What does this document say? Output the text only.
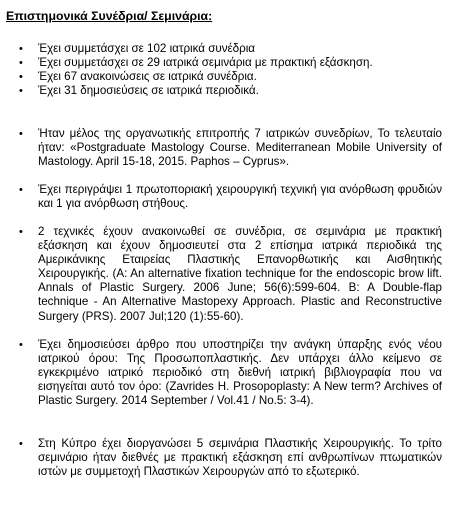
Επιστημονικά Συνέδρια/ Σεμινάρια:
• Έχει συμμετάσχει σε 102 ιατρικά συνέδρια
• Έχει συμμετάσχει σε 29 ιατρικά σεμινάρια με πρακτική εξάσκηση.
• Έχει 67 ανακοινώσεις σε ιατρικά συνέδρια.
• Έχει 31 δημοσιεύσεις σε ιατρικά περιοδικά.
• Ήταν μέλος της οργανωτικής επιτροπής 7 ιατρικών συνεδρίων, Το τελευταίο ήταν: «Postgraduate Mastology Course. Mediterranean Mobile University of Mastology. April 15-18, 2015. Paphos – Cyprus».
• Έχει περιγράψει 1 πρωτοποριακή χειρουργική τεχνική για ανόρθωση φρυδιών και 1 για ανόρθωση στήθους.
• 2 τεχνικές έχουν ανακοινωθεί σε συνέδρια, σε σεμινάρια με πρακτική εξάσκηση και έχουν δημοσιευτεί στα 2 επίσημα ιατρικά περιοδικά της Αμερικάνικης Εταιρείας Πλαστικής Επανορθωτικής και Αισθητικής Χειρουργικής. (A: An alternative fixation technique for the endoscopic brow lift. Annals of Plastic Surgery. 2006 June; 56(6):599-604. B: A Double-flap technique - An Alternative Mastopexy Approach. Plastic and Reconstructive Surgery (PRS). 2007 Jul;120 (1):55-60).
• Έχει δημοσιεύσει άρθρο που υποστηρίζει την ανάγκη ύπαρξης ενός νέου ιατρικού όρου: Της Προσωποπλαστικής. Δεν υπάρχει άλλο κείμενο σε εγκεκριμένο ιατρικό περιοδικό στη διεθνή ιατρική βιβλιογραφία που να εισηγείται αυτό τον όρο: (Zavrides H. Prosopoplasty: A New term? Archives of Plastic Surgery. 2014 September / Vol.41 / No.5: 3-4).
• Στη Κύπρο έχει διοργανώσει 5 σεμινάρια Πλαστικής Χειρουργικής. Το τρίτο σεμινάριο ήταν διεθνές με πρακτική εξάσκηση επί ανθρωπίνων πτωματικών ιστών με συμμετοχή Πλαστικών Χειρουργών από το εξωτερικό.
